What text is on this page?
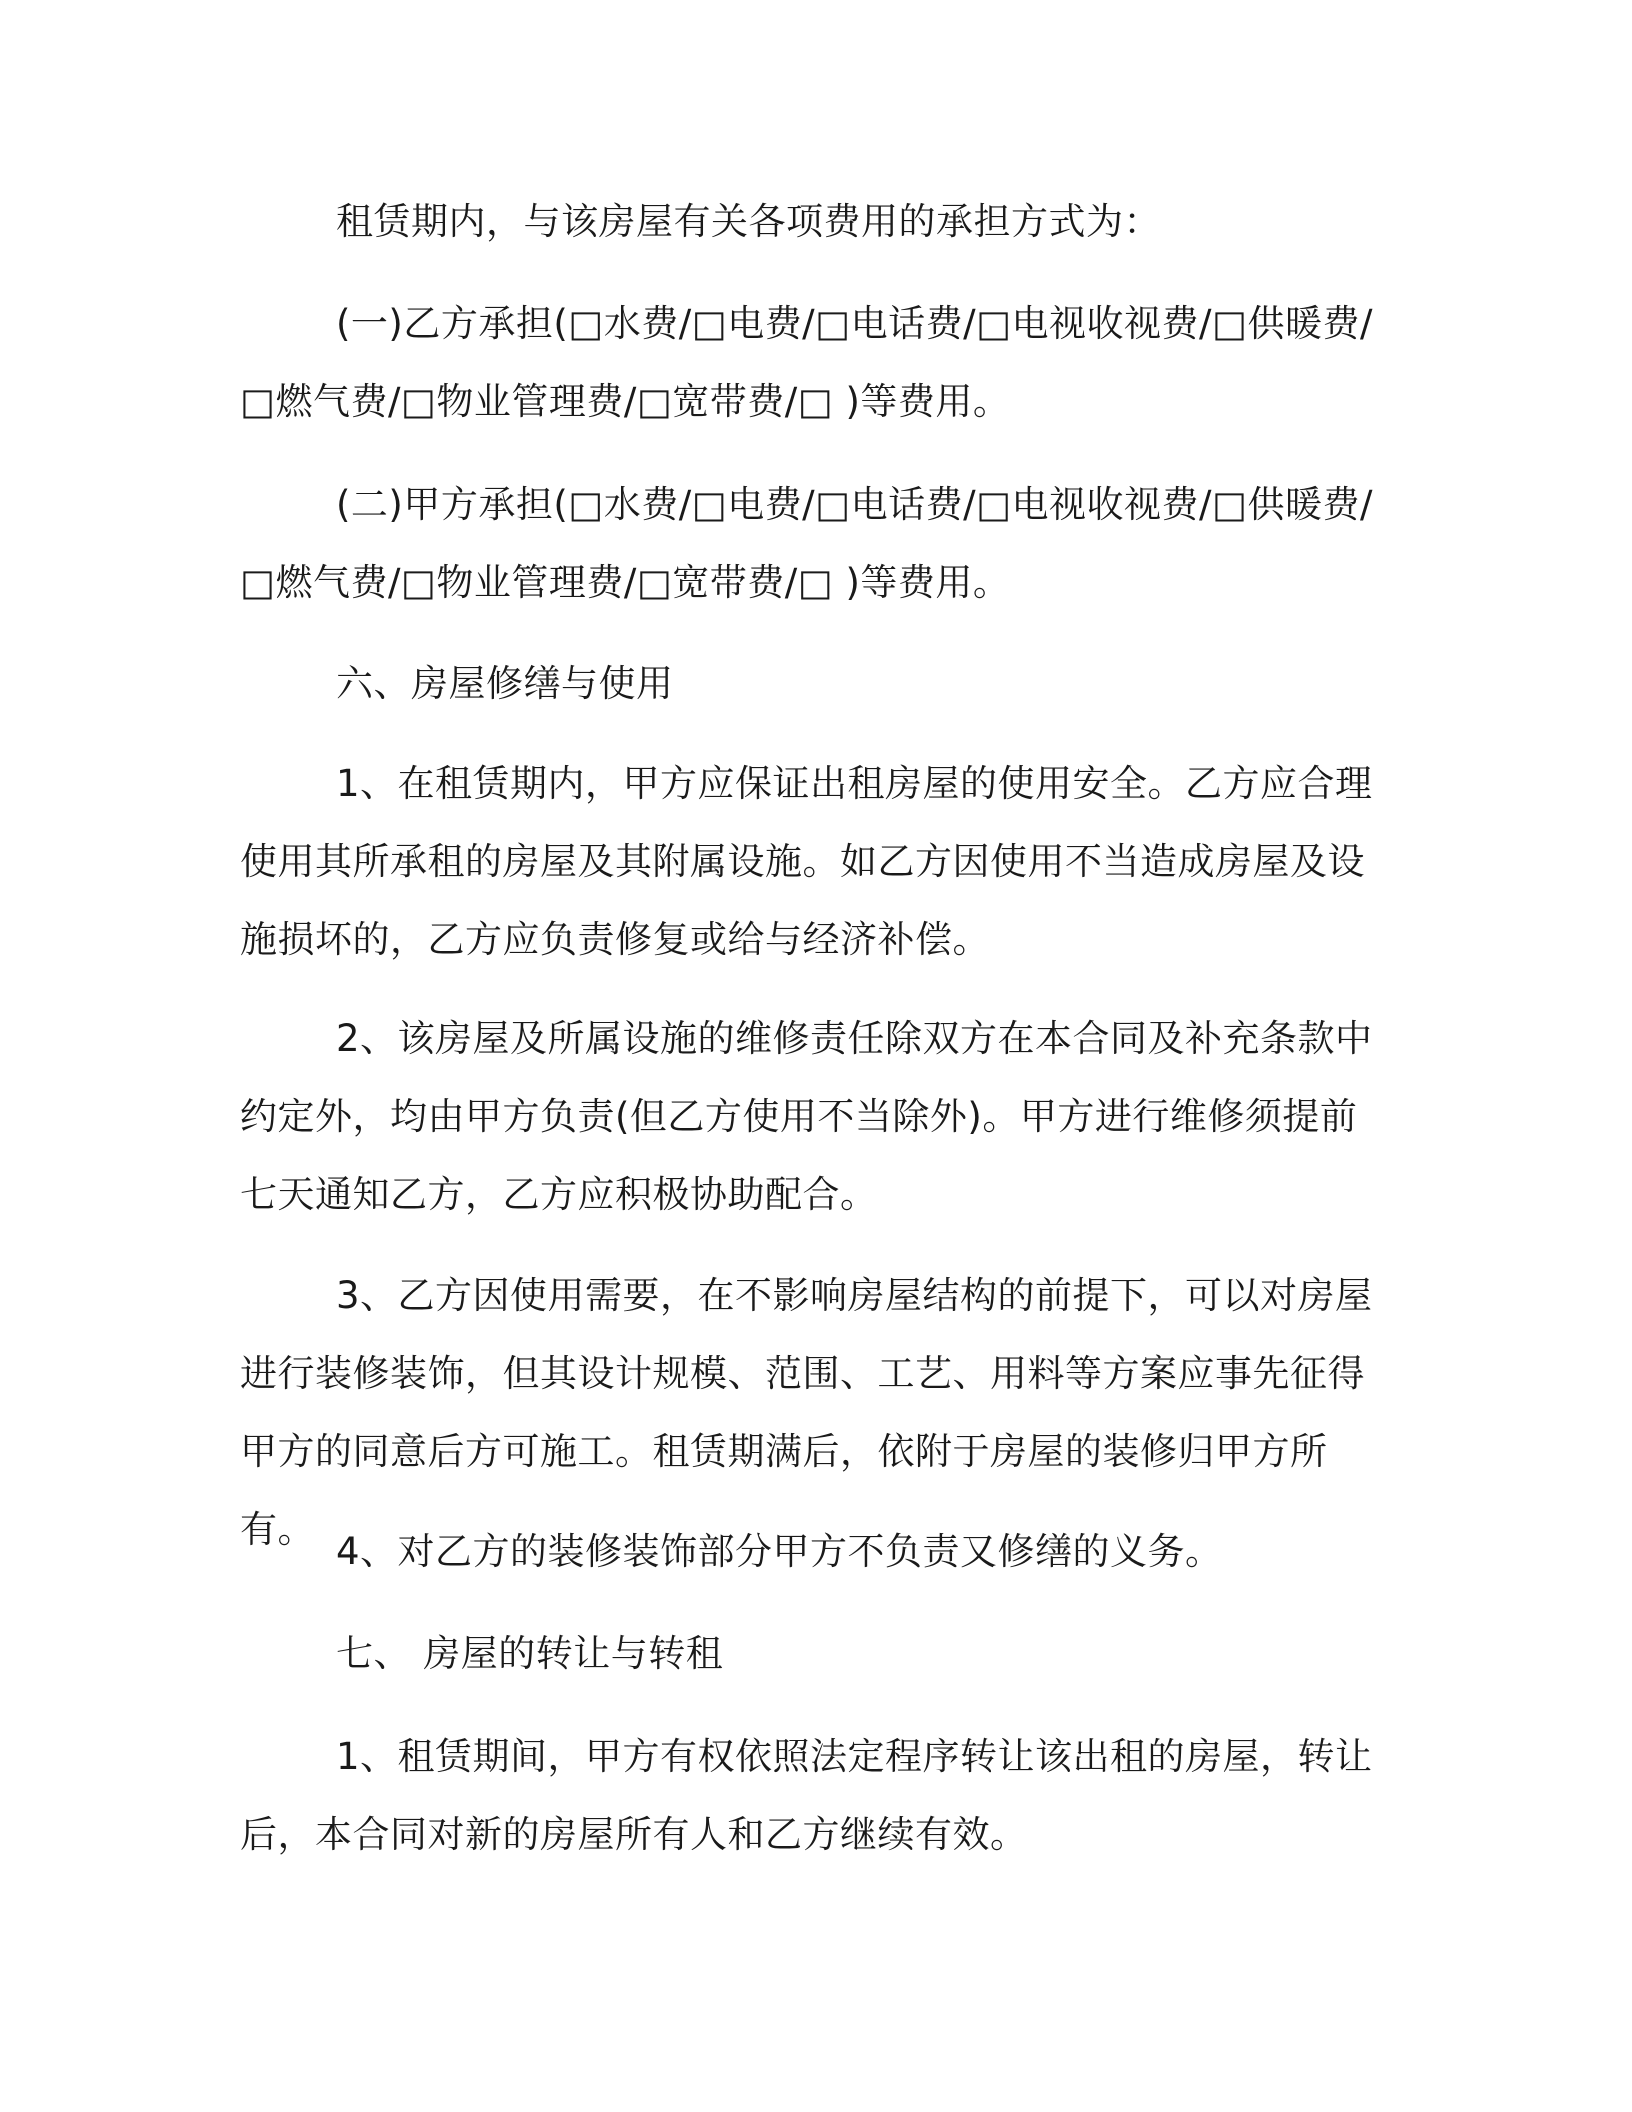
租赁期内，与该房屋有关各项费用的承担方式为：

(一)乙方承担(□水费/□电费/□电话费/□电视收视费/□供暖费/□燃气费/□物业管理费/□宽带费/□ )等费用。

(二)甲方承担(□水费/□电费/□电话费/□电视收视费/□供暖费/□燃气费/□物业管理费/□宽带费/□ )等费用。

六、房屋修缮与使用

1、在租赁期内，甲方应保证出租房屋的使用安全。乙方应合理使用其所承租的房屋及其附属设施。如乙方因使用不当造成房屋及设施损坏的，乙方应负责修复或给与经济补偿。

2、该房屋及所属设施的维修责任除双方在本合同及补充条款中约定外，均由甲方负责(但乙方使用不当除外)。甲方进行维修须提前七天通知乙方，乙方应积极协助配合。

3、乙方因使用需要，在不影响房屋结构的前提下，可以对房屋进行装修装饰，但其设计规模、范围、工艺、用料等方案应事先征得甲方的同意后方可施工。租赁期满后，依附于房屋的装修归甲方所有。

4、对乙方的装修装饰部分甲方不负责又修缮的义务。

七、 房屋的转让与转租

1、租赁期间，甲方有权依照法定程序转让该出租的房屋，转让后，本合同对新的房屋所有人和乙方继续有效。
